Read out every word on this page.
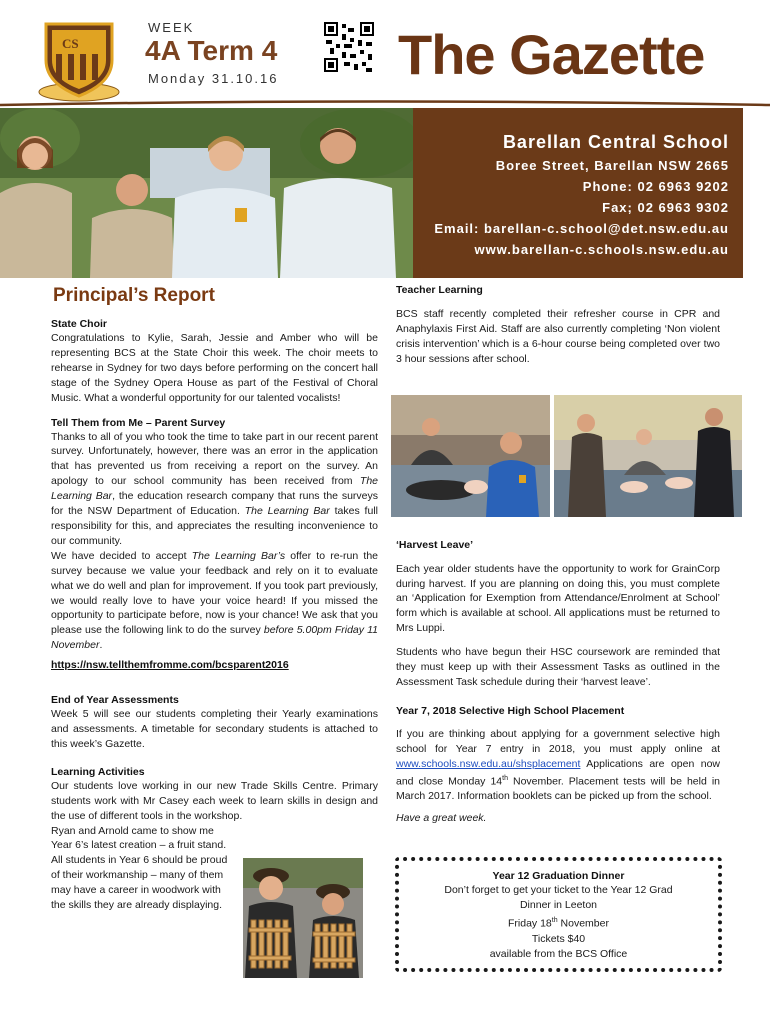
CS
WEEK
4A Term 4
Monday 31.10.16 The Gazette
Barellan Central School
Boree Street, Barellan NSW 2665
Phone: 02 6963 9202
Fax; 02 6963 9302
Email: barellan-c.school@det.nsw.edu.au
www.barellan-c.schools.nsw.edu.au
Principal’s Report
State Choir
Congratulations to Kylie, Sarah, Jessie and Amber who will be representing BCS at the State Choir this week. The choir meets to rehearse in Sydney for two days before performing on the concert hall stage of the Sydney Opera House as part of the Festival of Choral Music. What a wonderful opportunity for our talented vocalists!
Tell Them from Me – Parent Survey
Thanks to all of you who took the time to take part in our recent parent survey. Unfortunately, however, there was an error in the application that has prevented us from receiving a report on the survey. An apology to our school community has been received from The Learning Bar, the education research company that runs the surveys for the NSW Department of Education. The Learning Bar takes full responsibility for this, and appreciates the resulting inconvenience to our community.
We have decided to accept The Learning Bar’s offer to re-run the survey because we value your feedback and rely on it to evaluate what we do well and plan for improvement. If you took part previously, we would really love to have your voice heard! If you missed the opportunity to participate before, now is your chance! We ask that you please use the following link to do the survey before 5.00pm Friday 11 November.
https://nsw.tellthemfromme.com/bcsparent2016
End of Year Assessments
Week 5 will see our students completing their Yearly examinations and assessments. A timetable for secondary students is attached to this week’s Gazette.
Learning Activities
Our students love working in our new Trade Skills Centre. Primary students work with Mr Casey each week to learn skills in design and the use of different tools in the workshop.
Ryan and Arnold came to show me Year 6’s latest creation – a fruit stand. All students in Year 6 should be proud of their workmanship – many of them may have a career in woodwork with the skills they are already displaying.
Teacher Learning
BCS staff recently completed their refresher course in CPR and Anaphylaxis First Aid. Staff are also currently completing ‘Non violent crisis intervention’ which is a 6-hour course being completed over two 3 hour sessions after school.
‘Harvest Leave’
Each year older students have the opportunity to work for GrainCorp during harvest. If you are planning on doing this, you must complete an ‘Application for Exemption from Attendance/Enrolment at School’ form which is available at school. All applications must be returned to Mrs Luppi.
Students who have begun their HSC coursework are reminded that they must keep up with their Assessment Tasks as outlined in the Assessment Task schedule during their ‘harvest leave’.
Year 7, 2018 Selective High School Placement
If you are thinking about applying for a government selective high school for Year 7 entry in 2018, you must apply online at www.schools.nsw.edu.au/shsplacement Applications are open now and close Monday 14th November. Placement tests will be held in March 2017. Information booklets can be picked up from the school.
Have a great week.
Year 12 Graduation Dinner
Don’t forget to get your ticket to the Year 12 Grad
Dinner in Leeton
Friday 18th November
Tickets $40
available from the BCS Office
